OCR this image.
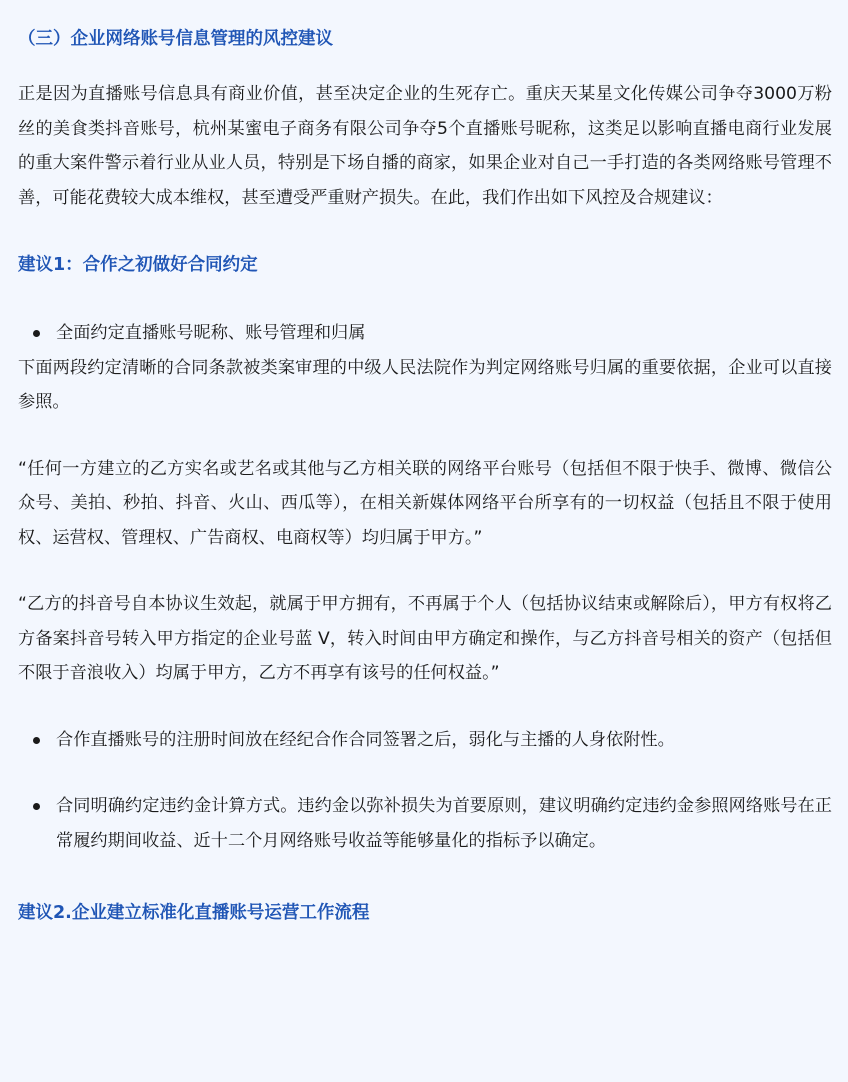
（三）企业网络账号信息管理的风控建议

正是因为直播账号信息具有商业价值，甚至决定企业的生死存亡。重庆天某星文化传媒公司争夺3000万粉丝的美食类抖音账号，杭州某蜜电子商务有限公司争夺5个直播账号昵称，这类足以影响直播电商行业发展的重大案件警示着行业从业人员，特别是下场自播的商家，如果企业对自己一手打造的各类网络账号管理不善，可能花费较大成本维权，甚至遭受严重财产损失。在此，我们作出如下风控及合规建议：

建议1：合作之初做好合同约定
全面约定直播账号昵称、账号管理和归属

下面两段约定清晰的合同条款被类案审理的中级人民法院作为判定网络账号归属的重要依据，企业可以直接参照。

“任何一方建立的乙方实名或艺名或其他与乙方相关联的网络平台账号（包括但不限于快手、微博、微信公众号、美拍、秒拍、抖音、火山、西瓜等），在相关新媒体网络平台所享有的一切权益（包括且不限于使用权、运营权、管理权、广告商权、电商权等）均归属于甲方。”

“乙方的抖音号自本协议生效起，就属于甲方拥有，不再属于个人（包括协议结束或解除后），甲方有权将乙方备案抖音号转入甲方指定的企业号蓝 V，转入时间由甲方确定和操作，与乙方抖音号相关的资产（包括但不限于音浪收入）均属于甲方，乙方不再享有该号的任何权益。”

合作直播账号的注册时间放在经纪合作合同签署之后，弱化与主播的人身依附性。
合同明确约定违约金计算方式。违约金以弥补损失为首要原则，建议明确约定违约金参照网络账号在正常履约期间收益、近十二个月网络账号收益等能够量化的指标予以确定。
建议2.企业建立标准化直播账号运营工作流程
